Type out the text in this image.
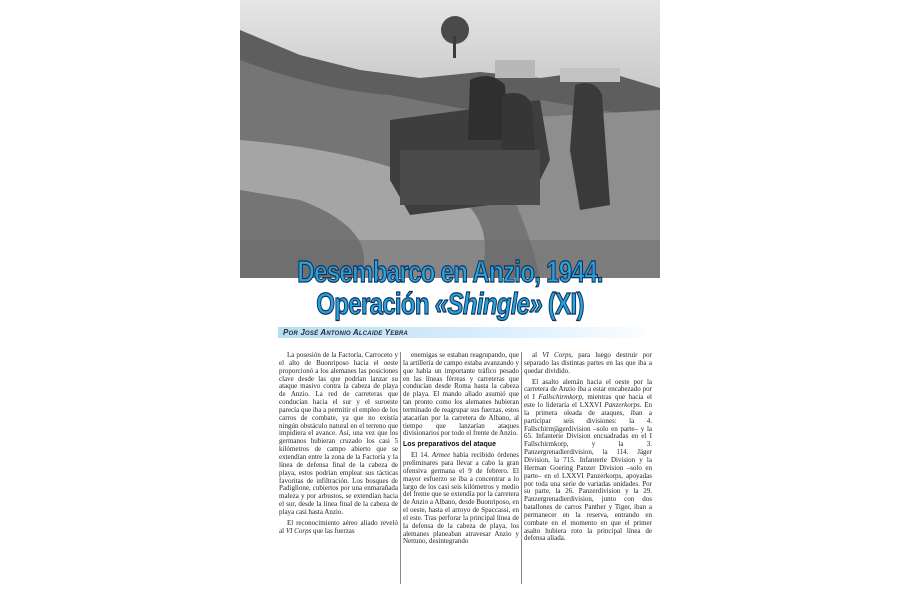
Desembarco en Anzio, 1944.
Operación «Shingle» (XI)
Por José Antonio Alcaide Yebra

La posesión de la Factoría, Carroceto y el alto de Buonriposo hacia el oeste proporcionó a los alemanes las posiciones clave desde las que podrían lanzar su ataque masivo contra la cabeza de playa de Anzio. La red de carreteras que conducían hacia el sur y el suroeste parecía que iba a permitir el empleo de los carros de combate, ya que no existía ningún obstáculo natural en el terreno que impidiera el avance. Así, una vez que los germanos hubieran cruzado los casi 5 kilómetros de campo abierto que se extendían entre la zona de la Factoría y la línea de defensa final de la cabeza de playa, estos podrían emplear sus tácticas favoritas de infiltración. Los bosques de Padiglione, cubiertos por una enmarañada maleza y por arbustos, se extendían hacia el sur, desde la línea final de la cabeza de playa casi hasta Anzio.

El reconocimiento aéreo aliado reveló al VI Corps que las fuerzas

enemigas se estaban reagrupando, que la artillería de campo estaba avanzando y que había un importante tráfico pesado en las líneas férreas y carreteras que conducían desde Roma hasta la cabeza de playa. El mando aliado asumió que tan pronto como los alemanes hubieran terminado de reagrupar sus fuerzas, estos atacarían por la carretera de Albano, al tiempo que lanzarían ataques divisionarios por todo el frente de Anzio.

Los preparativos del ataque

El 14. Armee había recibido órdenes preliminares para llevar a cabo la gran ofensiva germana el 9 de febrero. El mayor esfuerzo se iba a concentrar a lo largo de los casi seis kilómetros y medio del frente que se extendía por la carretera de Anzio a Albano, desde Buonriposo, en el oeste, hasta el arroyo de Spaccassi, en el este. Tras perforar la principal línea de la defensa de la cabeza de playa, los alemanes planeaban atravesar Anzio y Nettuno, desintegrando

al VI Corps, para luego destruir por separado las distintas partes en las que iba a quedar dividido.

El asalto alemán hacia el oeste por la carretera de Anzio iba a estar encabezado por el I Fallschirmkorp, mientras que hacia el este lo lideraría el LXXVI Panzerkorps. En la primera oleada de ataques, iban a participar seis divisiones: la 4. Fallschirmjägerdivision –solo en parte– y la 65. Infanterie Division encuadradas en el I Fallschirmkorp, y la 3. Panzergrenadierdivision, la 114. Jäger Division, la 715. Infanterie Division y la Herman Goering Panzer Division –solo en parte– en el LXXVI Panzerkorps, apoyadas por toda una serie de variadas unidades. Por su parte, la 26. Panzerdivision y la 29. Panzergrenadierdivision, junto con dos batallones de carros Panther y Tiger, iban a permanecer en la reserva, entrando en combate en el momento en que el primer asalto hubiera roto la principal línea de defensa aliada.
